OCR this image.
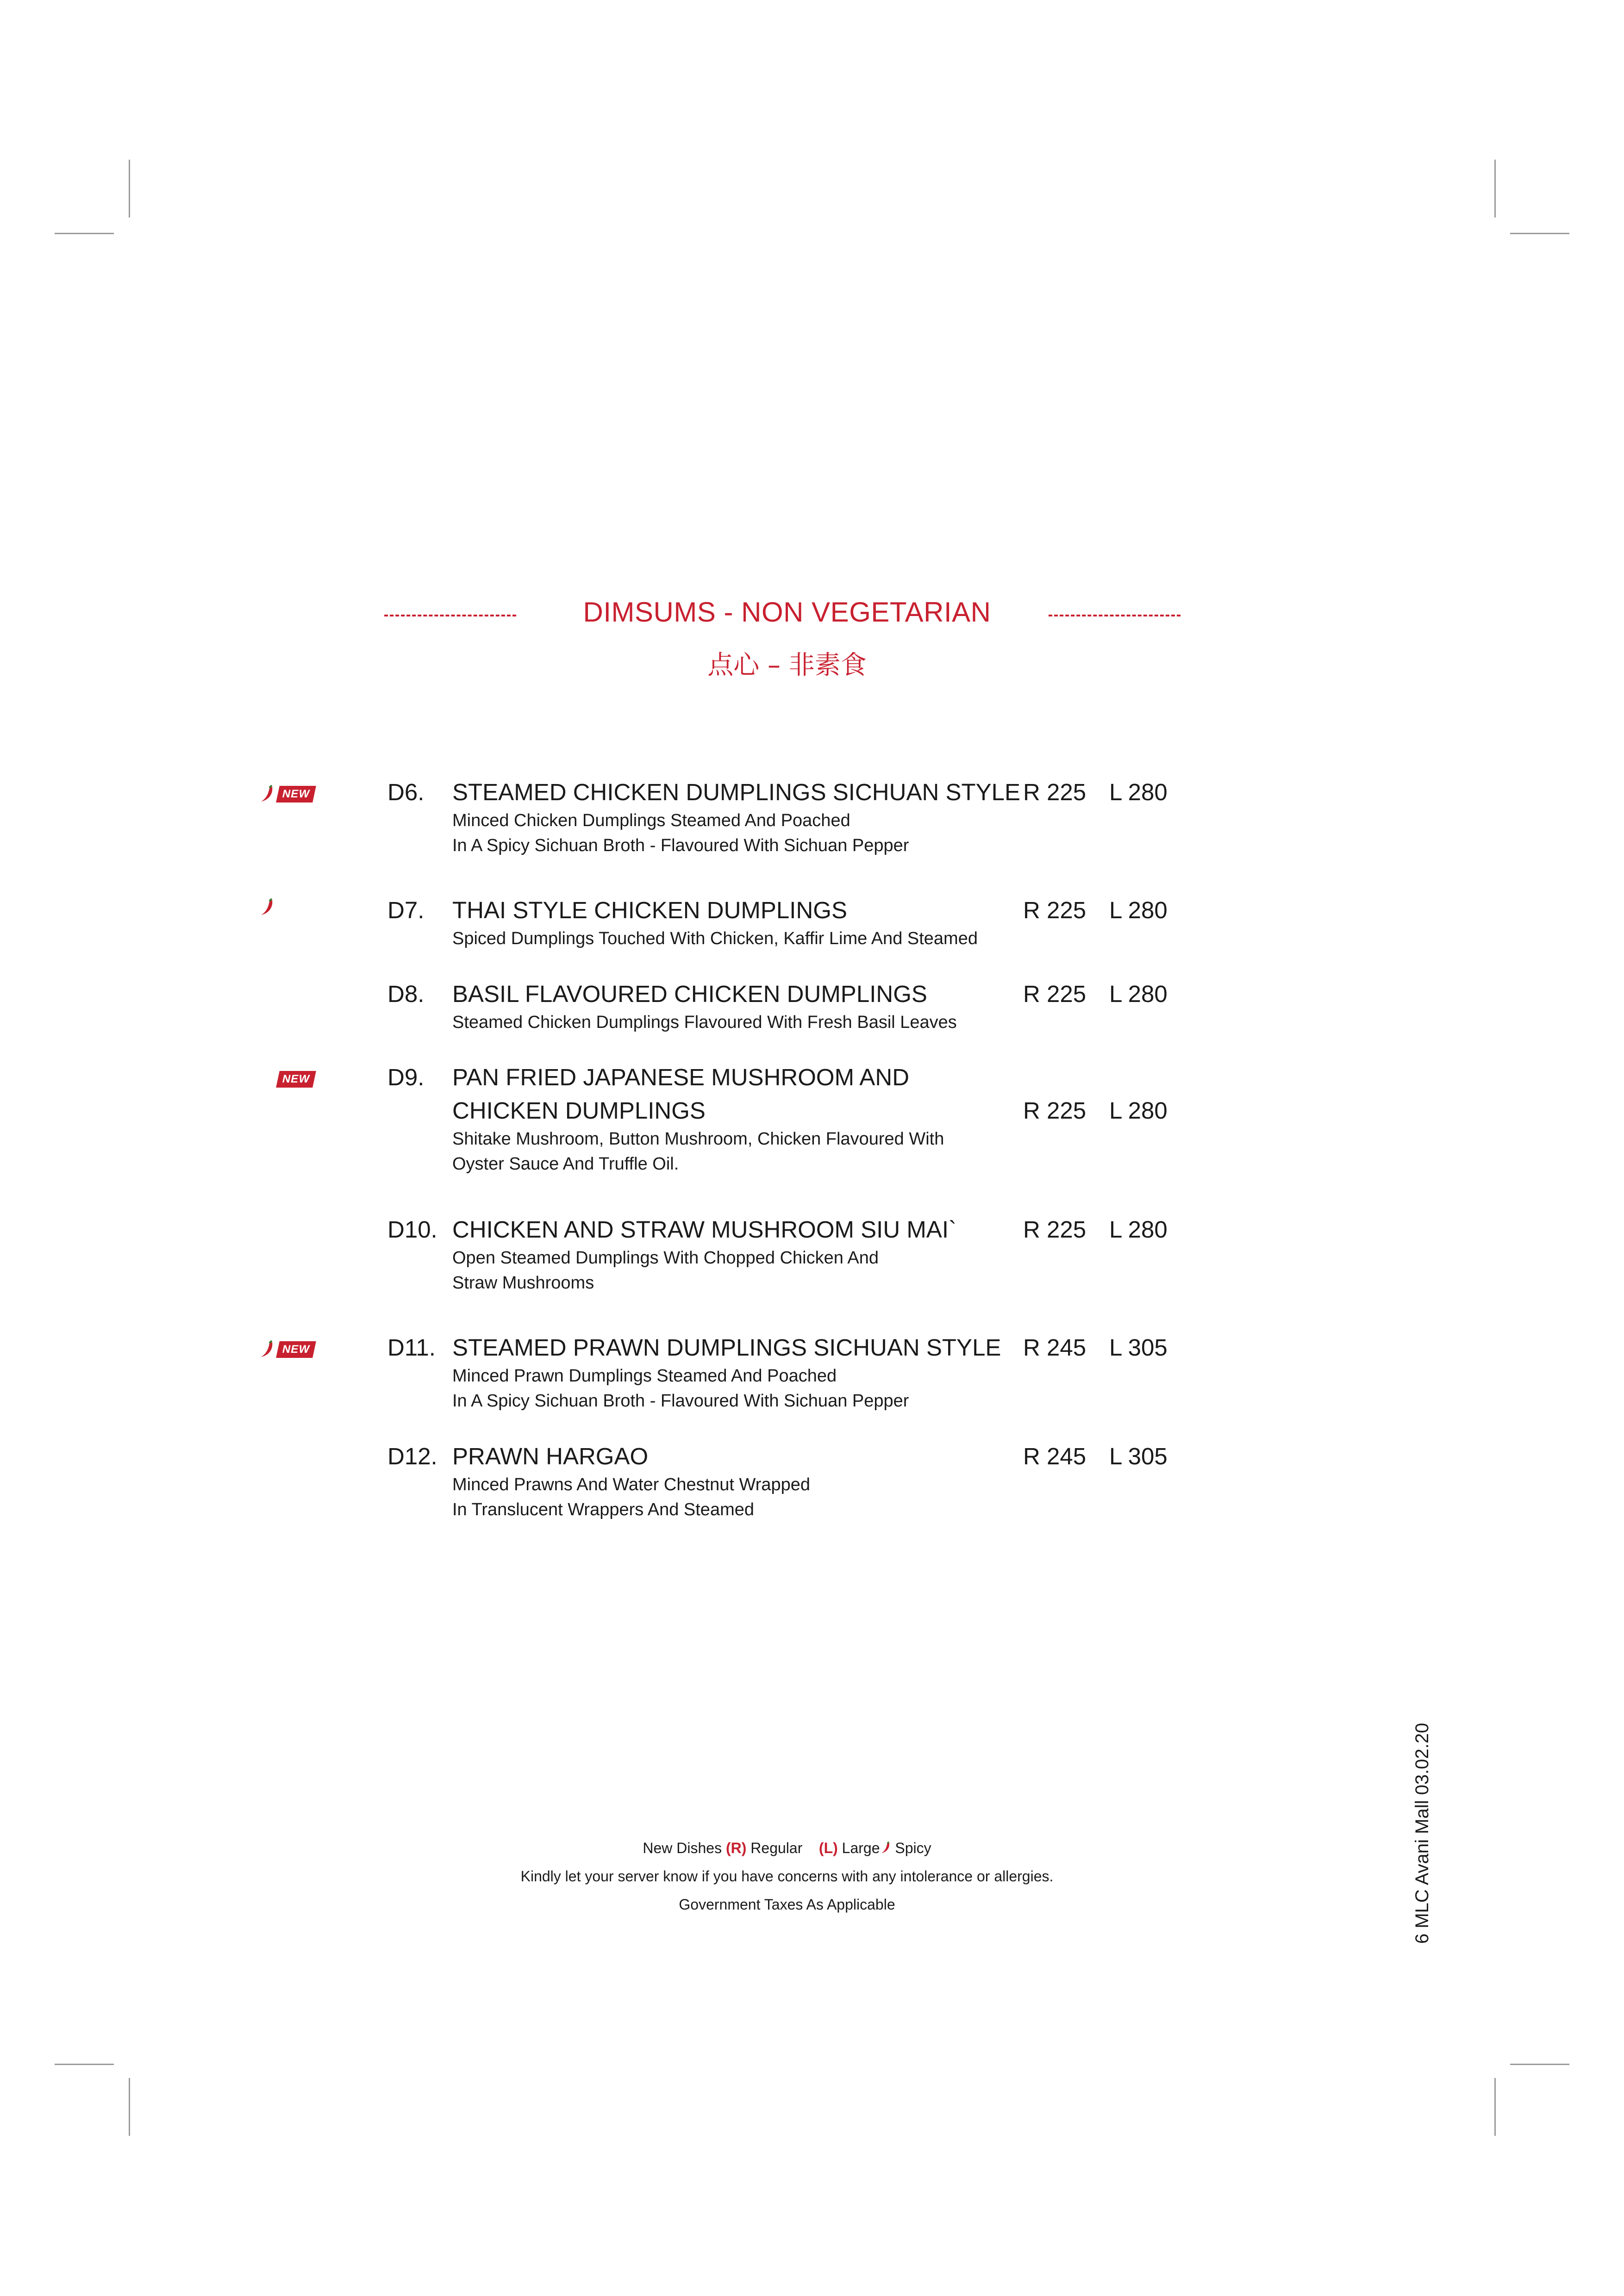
DIMSUMS - NON VEGETARIAN
点心 – 非素食
NEW	D6. STEAMED CHICKEN DUMPLINGS SICHUAN STYLE R 225 L 280
Minced Chicken Dumplings Steamed And Poached
In A Spicy Sichuan Broth - Flavoured With Sichuan Pepper
D7. THAI STYLE CHICKEN DUMPLINGS	R 225 L 280
Spiced Dumplings Touched With Chicken, Kaffir Lime And Steamed
D8. BASIL FLAVOURED CHICKEN DUMPLINGS	R 225 L 280
Steamed Chicken Dumplings Flavoured With Fresh Basil Leaves
NEW	D9. PAN FRIED JAPANESE MUSHROOM AND
CHICKEN DUMPLINGS	R 225 L 280
Shitake Mushroom, Button Mushroom, Chicken Flavoured With
Oyster Sauce And Truffle Oil.
D10. CHICKEN AND STRAW MUSHROOM SIU MAI`	R 225 L 280
Open Steamed Dumplings With Chopped Chicken And
Straw Mushrooms
NEW	D11. STEAMED PRAWN DUMPLINGS SICHUAN STYLE R 245 L 305
Minced Prawn Dumplings Steamed And Poached
In A Spicy Sichuan Broth - Flavoured With Sichuan Pepper
D12. PRAWN HARGAO	R 245 L 305
Minced Prawns And Water Chestnut Wrapped
In Translucent Wrappers And Steamed
New Dishes (R) Regular (L) Large Spicy
Kindly let your server know if you have concerns with any intolerance or allergies.
Government Taxes As Applicable	6 MLC Avani Mall 03.02.20
